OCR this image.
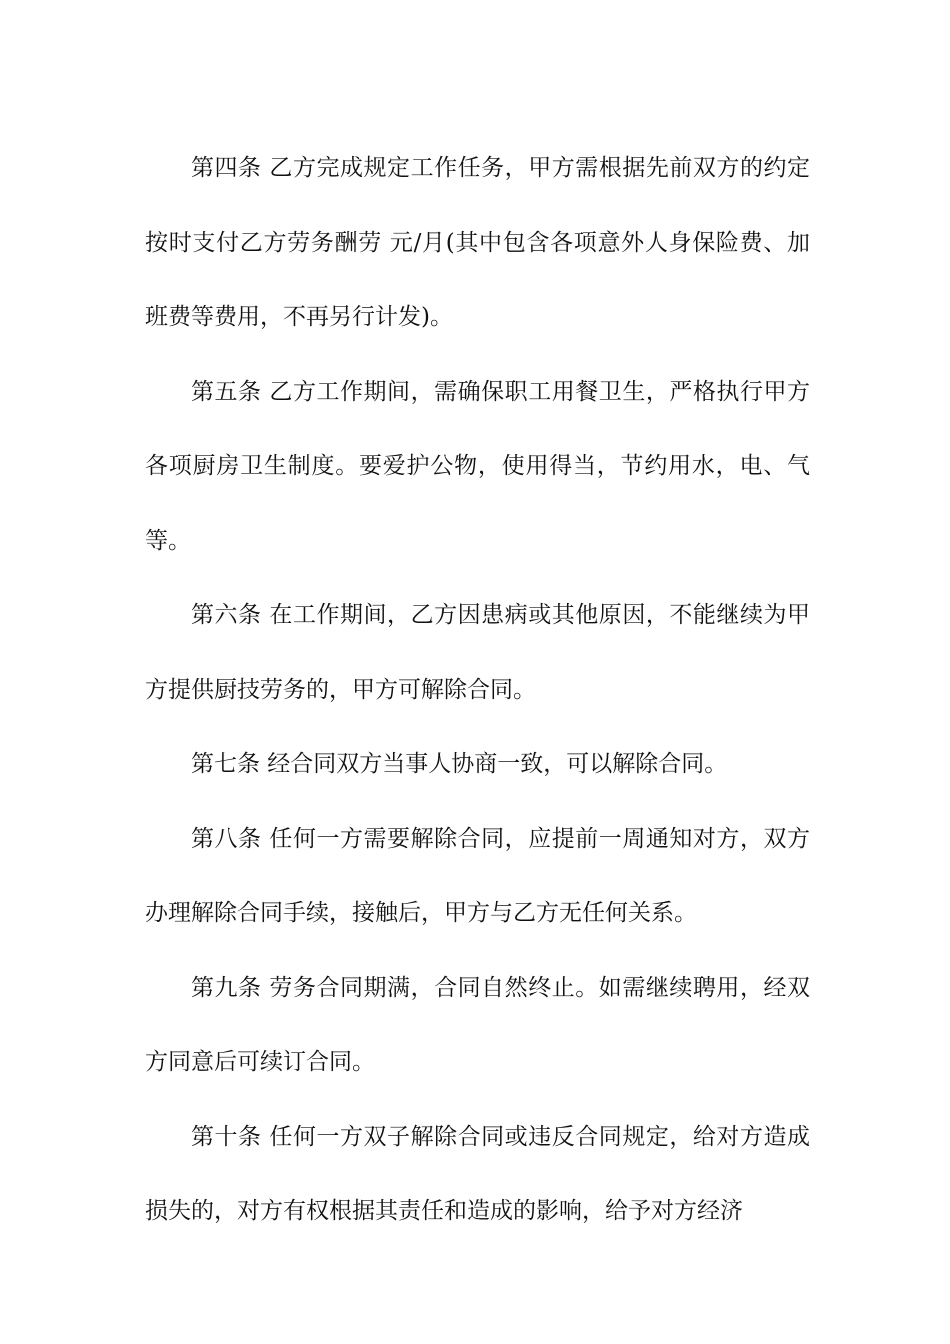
第四条 乙方完成规定工作任务，甲方需根据先前双方的约定按时支付乙方劳务酬劳 元/月(其中包含各项意外人身保险费、加班费等费用，不再另行计发)。

第五条 乙方工作期间，需确保职工用餐卫生，严格执行甲方各项厨房卫生制度。要爱护公物，使用得当，节约用水，电、气等。

第六条 在工作期间，乙方因患病或其他原因，不能继续为甲方提供厨技劳务的，甲方可解除合同。

第七条 经合同双方当事人协商一致，可以解除合同。

第八条 任何一方需要解除合同，应提前一周通知对方，双方办理解除合同手续，接触后，甲方与乙方无任何关系。

第九条 劳务合同期满，合同自然终止。如需继续聘用，经双方同意后可续订合同。

第十条 任何一方双子解除合同或违反合同规定，给对方造成损失的，对方有权根据其责任和造成的影响，给予对方经济
